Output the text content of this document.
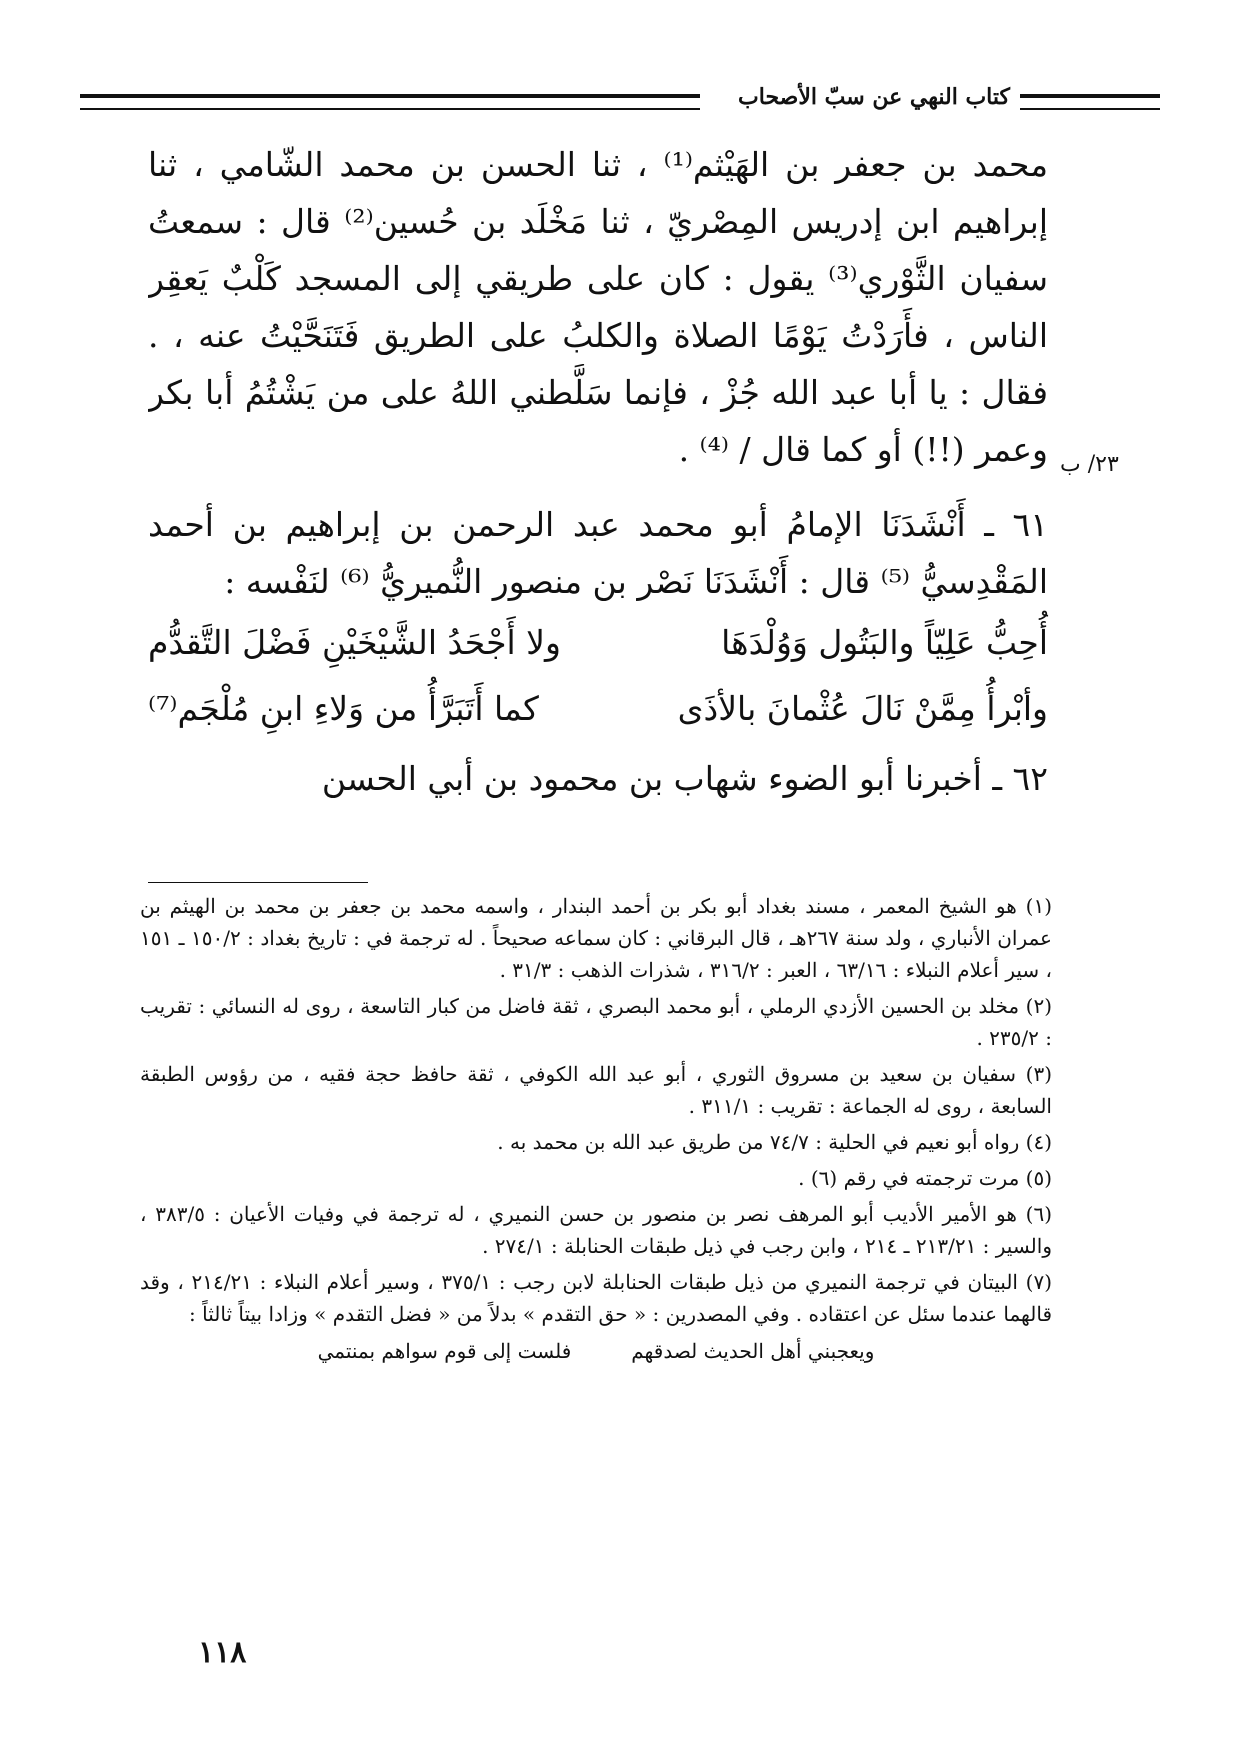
كتاب النهي عن سبّ الأصحاب
٢٣/ ب
محمد بن جعفر بن الهَيْثم⁽¹⁾ ، ثنا الحسن بن محمد الشّامي ، ثنا
إبراهيم ابن إدريس المِصْريّ ، ثنا مَخْلَد بن حُسين⁽²⁾ قال : سمعتُ
سفيان الثَّوْري⁽³⁾ يقول : كان على طريقي إلى المسجد كَلْبٌ يَعقِر
الناس ، فأَرَدْتُ يَوْمًا الصلاة والكلبُ على الطريق فَتَنَحَّيْتُ عنه ، .
فقال : يا أبا عبد الله جُزْ ، فإنما سَلَّطني اللهُ على من يَشْتُمُ أبا بكر
وعمر (!!) أو كما قال / ⁽⁴⁾ .
٦١ ـ أَنْشَدَنَا الإمامُ أبو محمد عبد الرحمن بن إبراهيم بن أحمد
المَقْدِسيُّ ⁽⁵⁾ قال : أَنْشَدَنَا نَصْر بن منصور النُّميريُّ ⁽⁶⁾ لنَفْسه :
أُحِبُّ عَلِيّاً والبَتُول وَوُلْدَهَا
ولا أَجْحَدُ الشَّيْخَيْنِ فَضْلَ التَّقدُّم
وأبْرأُ مِمَّنْ نَالَ عُثْمانَ بالأذَى
كما أَتَبَرَّأُ من وَلاءِ ابنِ مُلْجَم⁽⁷⁾
٦٢ ـ أخبرنا أبو الضوء شهاب بن محمود بن أبي الحسن
(١) هو الشيخ المعمر ، مسند بغداد أبو بكر بن أحمد البندار ، واسمه محمد بن جعفر بن محمد بن الهيثم بن عمران الأنباري ، ولد سنة ٢٦٧هـ ، قال البرقاني : كان سماعه صحيحاً . له ترجمة في : تاريخ بغداد : ١٥٠/٢ ـ ١٥١ ، سير أعلام النبلاء : ٦٣/١٦ ، العبر : ٣١٦/٢ ، شذرات الذهب : ٣١/٣ .
(٢) مخلد بن الحسين الأزدي الرملي ، أبو محمد البصري ، ثقة فاضل من كبار التاسعة ، روى له النسائي : تقريب : ٢٣٥/٢ .
(٣) سفيان بن سعيد بن مسروق الثوري ، أبو عبد الله الكوفي ، ثقة حافظ حجة فقيه ، من رؤوس الطبقة السابعة ، روى له الجماعة : تقريب : ٣١١/١ .
(٤) رواه أبو نعيم في الحلية : ٧٤/٧ من طريق عبد الله بن محمد به .
(٥) مرت ترجمته في رقم (٦) .
(٦) هو الأمير الأديب أبو المرهف نصر بن منصور بن حسن النميري ، له ترجمة في وفيات الأعيان : ٣٨٣/٥ ، والسير : ٢١٣/٢١ ـ ٢١٤ ، وابن رجب في ذيل طبقات الحنابلة : ٢٧٤/١ .
(٧) البيتان في ترجمة النميري من ذيل طبقات الحنابلة لابن رجب : ٣٧٥/١ ، وسير أعلام النبلاء : ٢١٤/٢١ ، وقد قالهما عندما سئل عن اعتقاده . وفي المصدرين : « حق التقدم » بدلاً من « فضل التقدم » وزادا بيتاً ثالثاً :
ويعجبني أهل الحديث لصدقهم
فلست إلى قوم سواهم بمنتمي
١١٨
